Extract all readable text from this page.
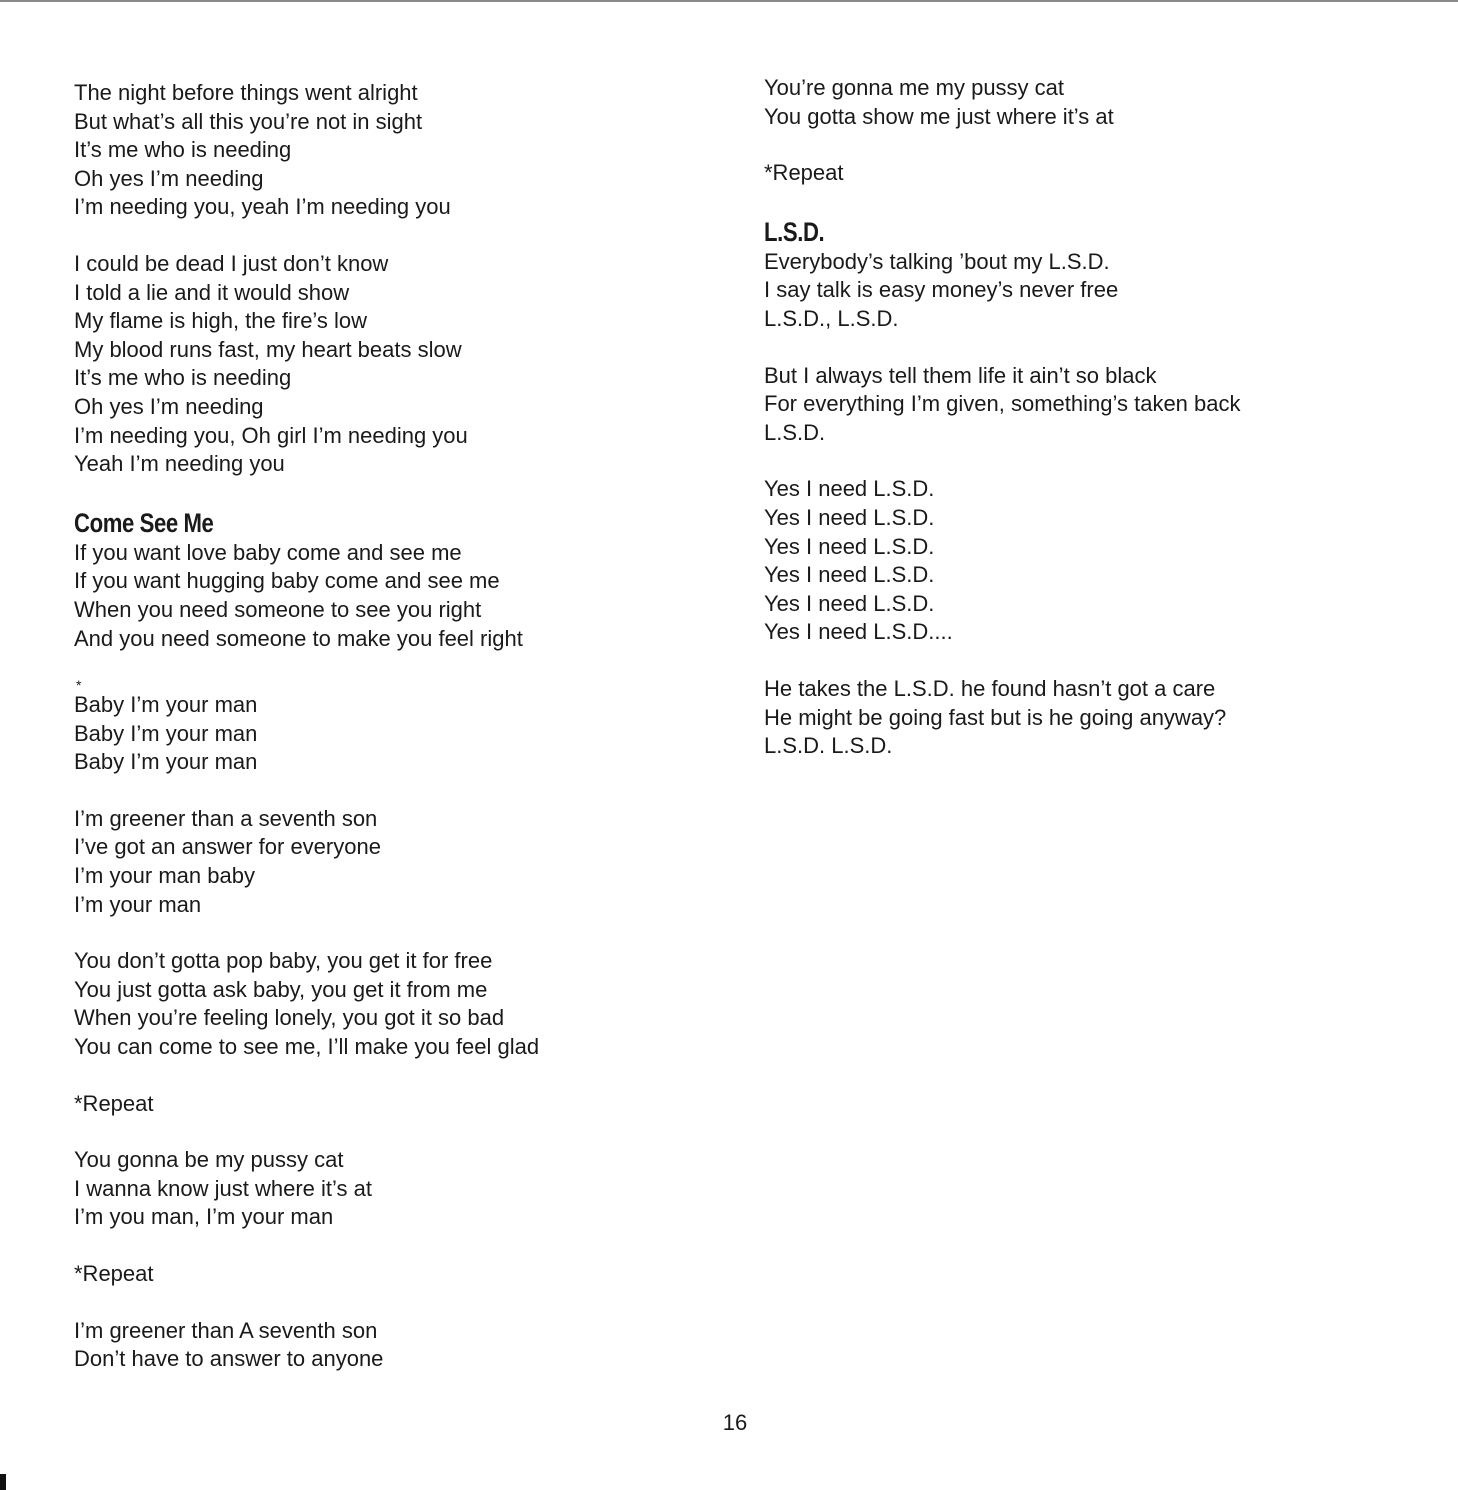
The night before things went alright
But what’s all this you’re not in sight
It’s me who is needing
Oh yes I’m needing
I’m needing you, yeah I’m needing you
I could be dead I just don’t know
I told a lie and it would show
My flame is high, the fire’s low
My blood runs fast, my heart beats slow
It’s me who is needing
Oh yes I’m needing
I’m needing you, Oh girl I’m needing you
Yeah I’m needing you
Come See Me
If you want love baby come and see me
If you want hugging baby come and see me
When you need someone to see you right
And you need someone to make you feel right
*
Baby I’m your man
Baby I’m your man
Baby I’m your man
I’m greener than a seventh son
I’ve got an answer for everyone
I’m your man baby
I’m your man
You don’t gotta pop baby, you get it for free
You just gotta ask baby, you get it from me
When you’re feeling lonely, you got it so bad
You can come to see me, I’ll make you feel glad
*Repeat
You gonna be my pussy cat
I wanna know just where it’s at
I’m you man, I’m your man
*Repeat
I’m greener than A seventh son
Don’t have to answer to anyone
You’re gonna me my pussy cat
You gotta show me just where it’s at
*Repeat
L.S.D.
Everybody’s talking ’bout my L.S.D.
I say talk is easy money’s never free
L.S.D., L.S.D.
But I always tell them life it ain’t so black
For everything I’m given, something’s taken back
L.S.D.
Yes I need L.S.D.
Yes I need L.S.D.
Yes I need L.S.D.
Yes I need L.S.D.
Yes I need L.S.D.
Yes I need L.S.D....
He takes the L.S.D. he found hasn’t got a care
He might be going fast but is he going anyway?
L.S.D. L.S.D.
16
